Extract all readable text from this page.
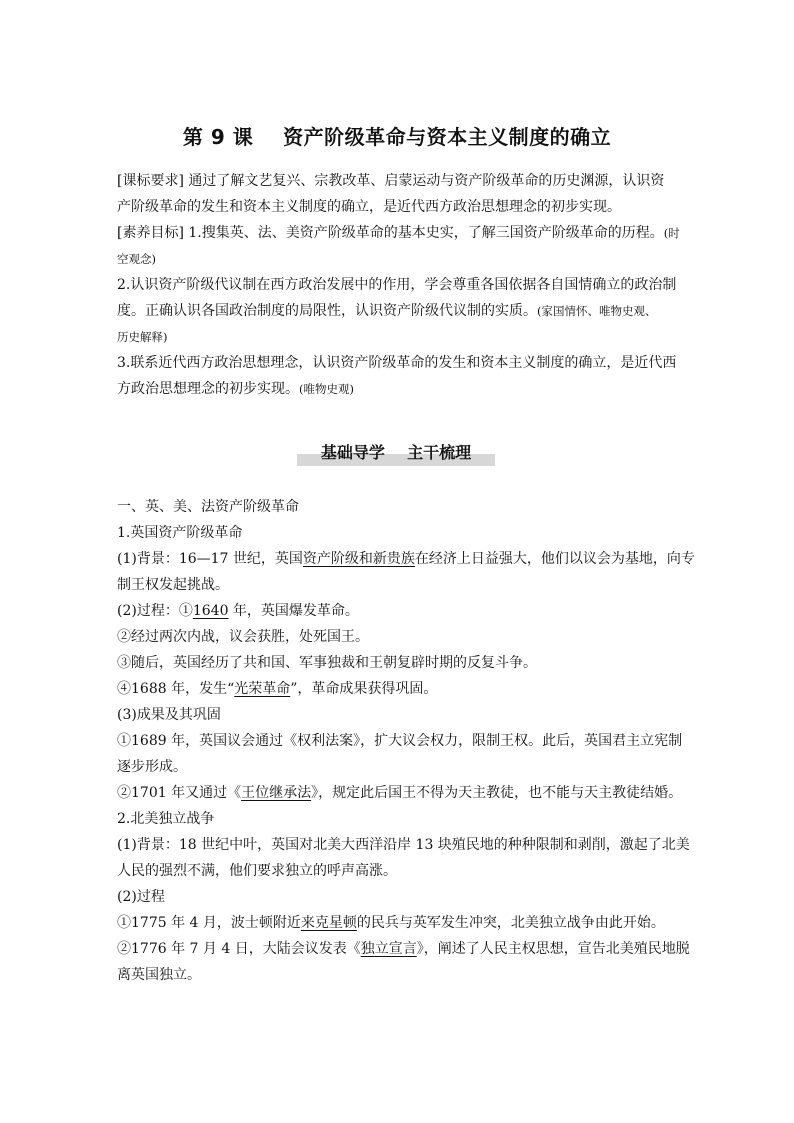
第 9 课    资产阶级革命与资本主义制度的确立
[课标要求] 通过了解文艺复兴、宗教改革、启蒙运动与资产阶级革命的历史渊源，认识资
产阶级革命的发生和资本主义制度的确立，是近代西方政治思想理念的初步实现。
[素养目标] 1.搜集英、法、美资产阶级革命的基本史实，了解三国资产阶级革命的历程。(时
空观念)
2.认识资产阶级代议制在西方政治发展中的作用，学会尊重各国依据各自国情确立的政治制
度。正确认识各国政治制度的局限性，认识资产阶级代议制的实质。(家国情怀、唯物史观、
历史解释)
3.联系近代西方政治思想理念，认识资产阶级革命的发生和资本主义制度的确立，是近代西
方政治思想理念的初步实现。(唯物史观)
基础导学    主干梳理
一、英、美、法资产阶级革命
1.英国资产阶级革命
(1)背景：16—17 世纪，英国资产阶级和新贵族在经济上日益强大，他们以议会为基地，向专
制王权发起挑战。
(2)过程：①1640 年，英国爆发革命。
②经过两次内战，议会获胜，处死国王。
③随后，英国经历了共和国、军事独裁和王朝复辟时期的反复斗争。
④1688 年，发生“光荣革命”，革命成果获得巩固。
(3)成果及其巩固
①1689 年，英国议会通过《权利法案》，扩大议会权力，限制王权。此后，英国君主立宪制
逐步形成。
②1701 年又通过《王位继承法》，规定此后国王不得为天主教徒，也不能与天主教徒结婚。
2.北美独立战争
(1)背景：18 世纪中叶，英国对北美大西洋沿岸 13 块殖民地的种种限制和剥削，激起了北美
人民的强烈不满，他们要求独立的呼声高涨。
(2)过程
①1775 年 4 月，波士顿附近来克星顿的民兵与英军发生冲突，北美独立战争由此开始。
②1776 年 7 月 4 日，大陆会议发表《独立宣言》，阐述了人民主权思想，宣告北美殖民地脱
离英国独立。
